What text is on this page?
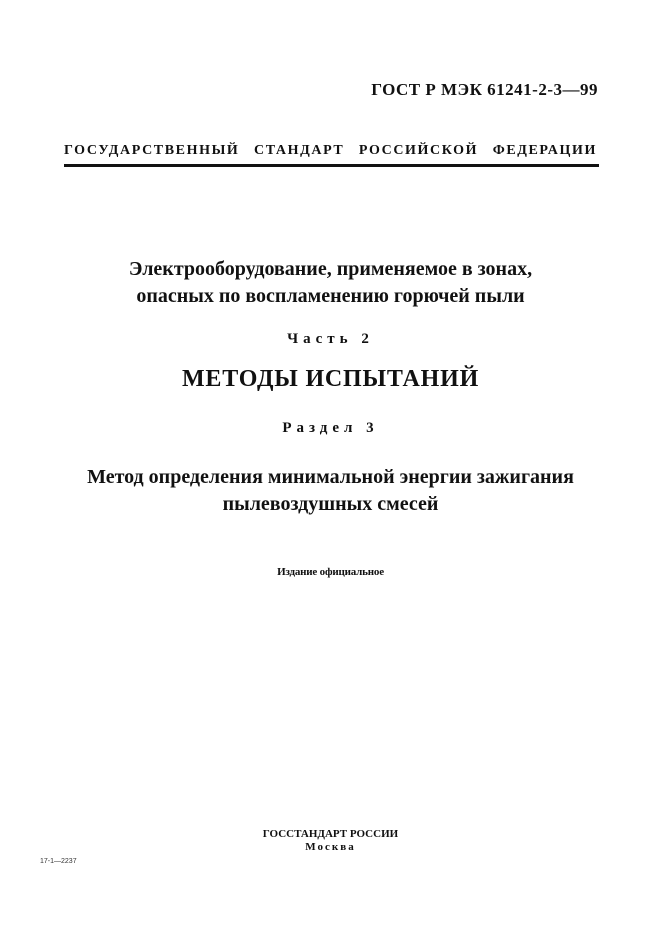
ГОСТ Р МЭК 61241-2-3—99
ГОСУДАРСТВЕННЫЙ СТАНДАРТ РОССИЙСКОЙ ФЕДЕРАЦИИ
Электрооборудование, применяемое в зонах,
опасных по воспламенению горючей пыли
Часть 2
МЕТОДЫ ИСПЫТАНИЙ
Раздел 3
Метод определения минимальной энергии зажигания
пылевоздушных смесей
Издание официальное
ГОССТАНДАРТ РОССИИ
Москва
17-1—2237
